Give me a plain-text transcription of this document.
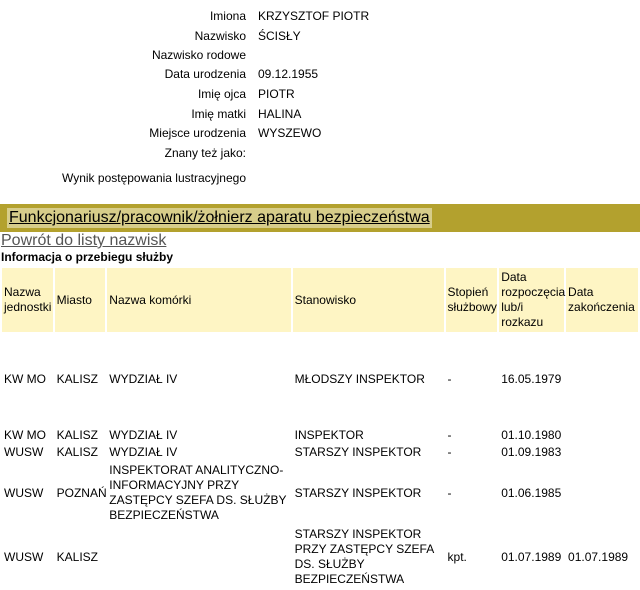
Imiona KRZYSZTOF PIOTR
Nazwisko ŚCISŁY
Nazwisko rodowe
Data urodzenia 09.12.1955
Imię ojca PIOTR
Imię matki HALINA
Miejsce urodzenia WYSZEWO
Znany też jako:
Wynik postępowania lustracyjnego
Funkcjonariusz/pracownik/żołnierz aparatu bezpieczeństwa
Powrót do listy nazwisk
Informacja o przebiegu służby
Nazwa jednostki	Miasto	Nazwa komórki	Stanowisko	Stopień służbowy	Data rozpoczęcia lub/i rozkazu	Data zakończenia
KW MO	KALISZ	WYDZIAŁ IV	MŁODSZY INSPEKTOR	-	16.05.1979	
KW MO	KALISZ	WYDZIAŁ IV	INSPEKTOR	-	01.10.1980	
WUSW	KALISZ	WYDZIAŁ IV	STARSZY INSPEKTOR	-	01.09.1983	
WUSW	POZNAŃ	INSPEKTORAT ANALITYCZNO-INFORMACYJNY PRZY ZASTĘPCY SZEFA DS. SŁUŻBY BEZPIECZEŃSTWA	STARSZY INSPEKTOR	-	01.06.1985	
WUSW	KALISZ		STARSZY INSPEKTOR PRZY ZASTĘPCY SZEFA DS. SŁUŻBY BEZPIECZEŃSTWA	kpt.	01.07.1989	01.07.1989
